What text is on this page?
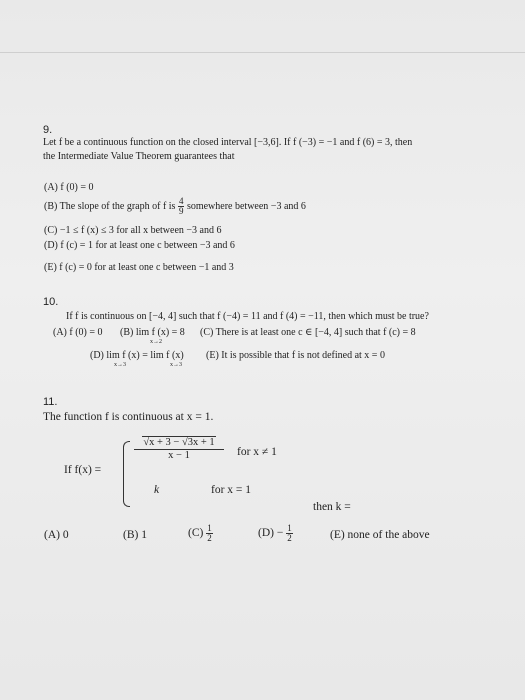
9.
Let f be a continuous function on the closed interval [−3,6]. If f (−3) = −1 and f (6) = 3, then
the Intermediate Value Theorem guarantees that
(A) f (0) = 0
(B) The slope of the graph of f is $\frac{4}{9}$ somewhere between −3 and 6
(C) −1 ≤ f (x) ≤ 3 for all x between −3 and 6
(D) f (c) = 1 for at least one c between −3 and 6
(E) f (c) = 0 for at least one c between −1 and 3
10.
If f is continuous on [−4, 4] such that f (−4) = 11 and f (4) = −11, then which must be true?
(A) f (0) = 0 (B) lim f (x) = 8
x→2
(C) There is at least one c ∈ [−4, 4] such that f (c) = 8
(D) lim f (x) = lim f (x)
x→3	x→3
(E) It is possible that f is not defined at x = 0
11.
The function f is continuous at x = 1.
If f(x) =
$\frac{√x + 3 - √3x + 1}{x - 1}$ for x ≠ 1
k	for x = 1
then k =
(A) 0	(B) 1	$(C) \frac{1}{2}$	$(D) - \frac{1}{2}$	(E) none of the above
